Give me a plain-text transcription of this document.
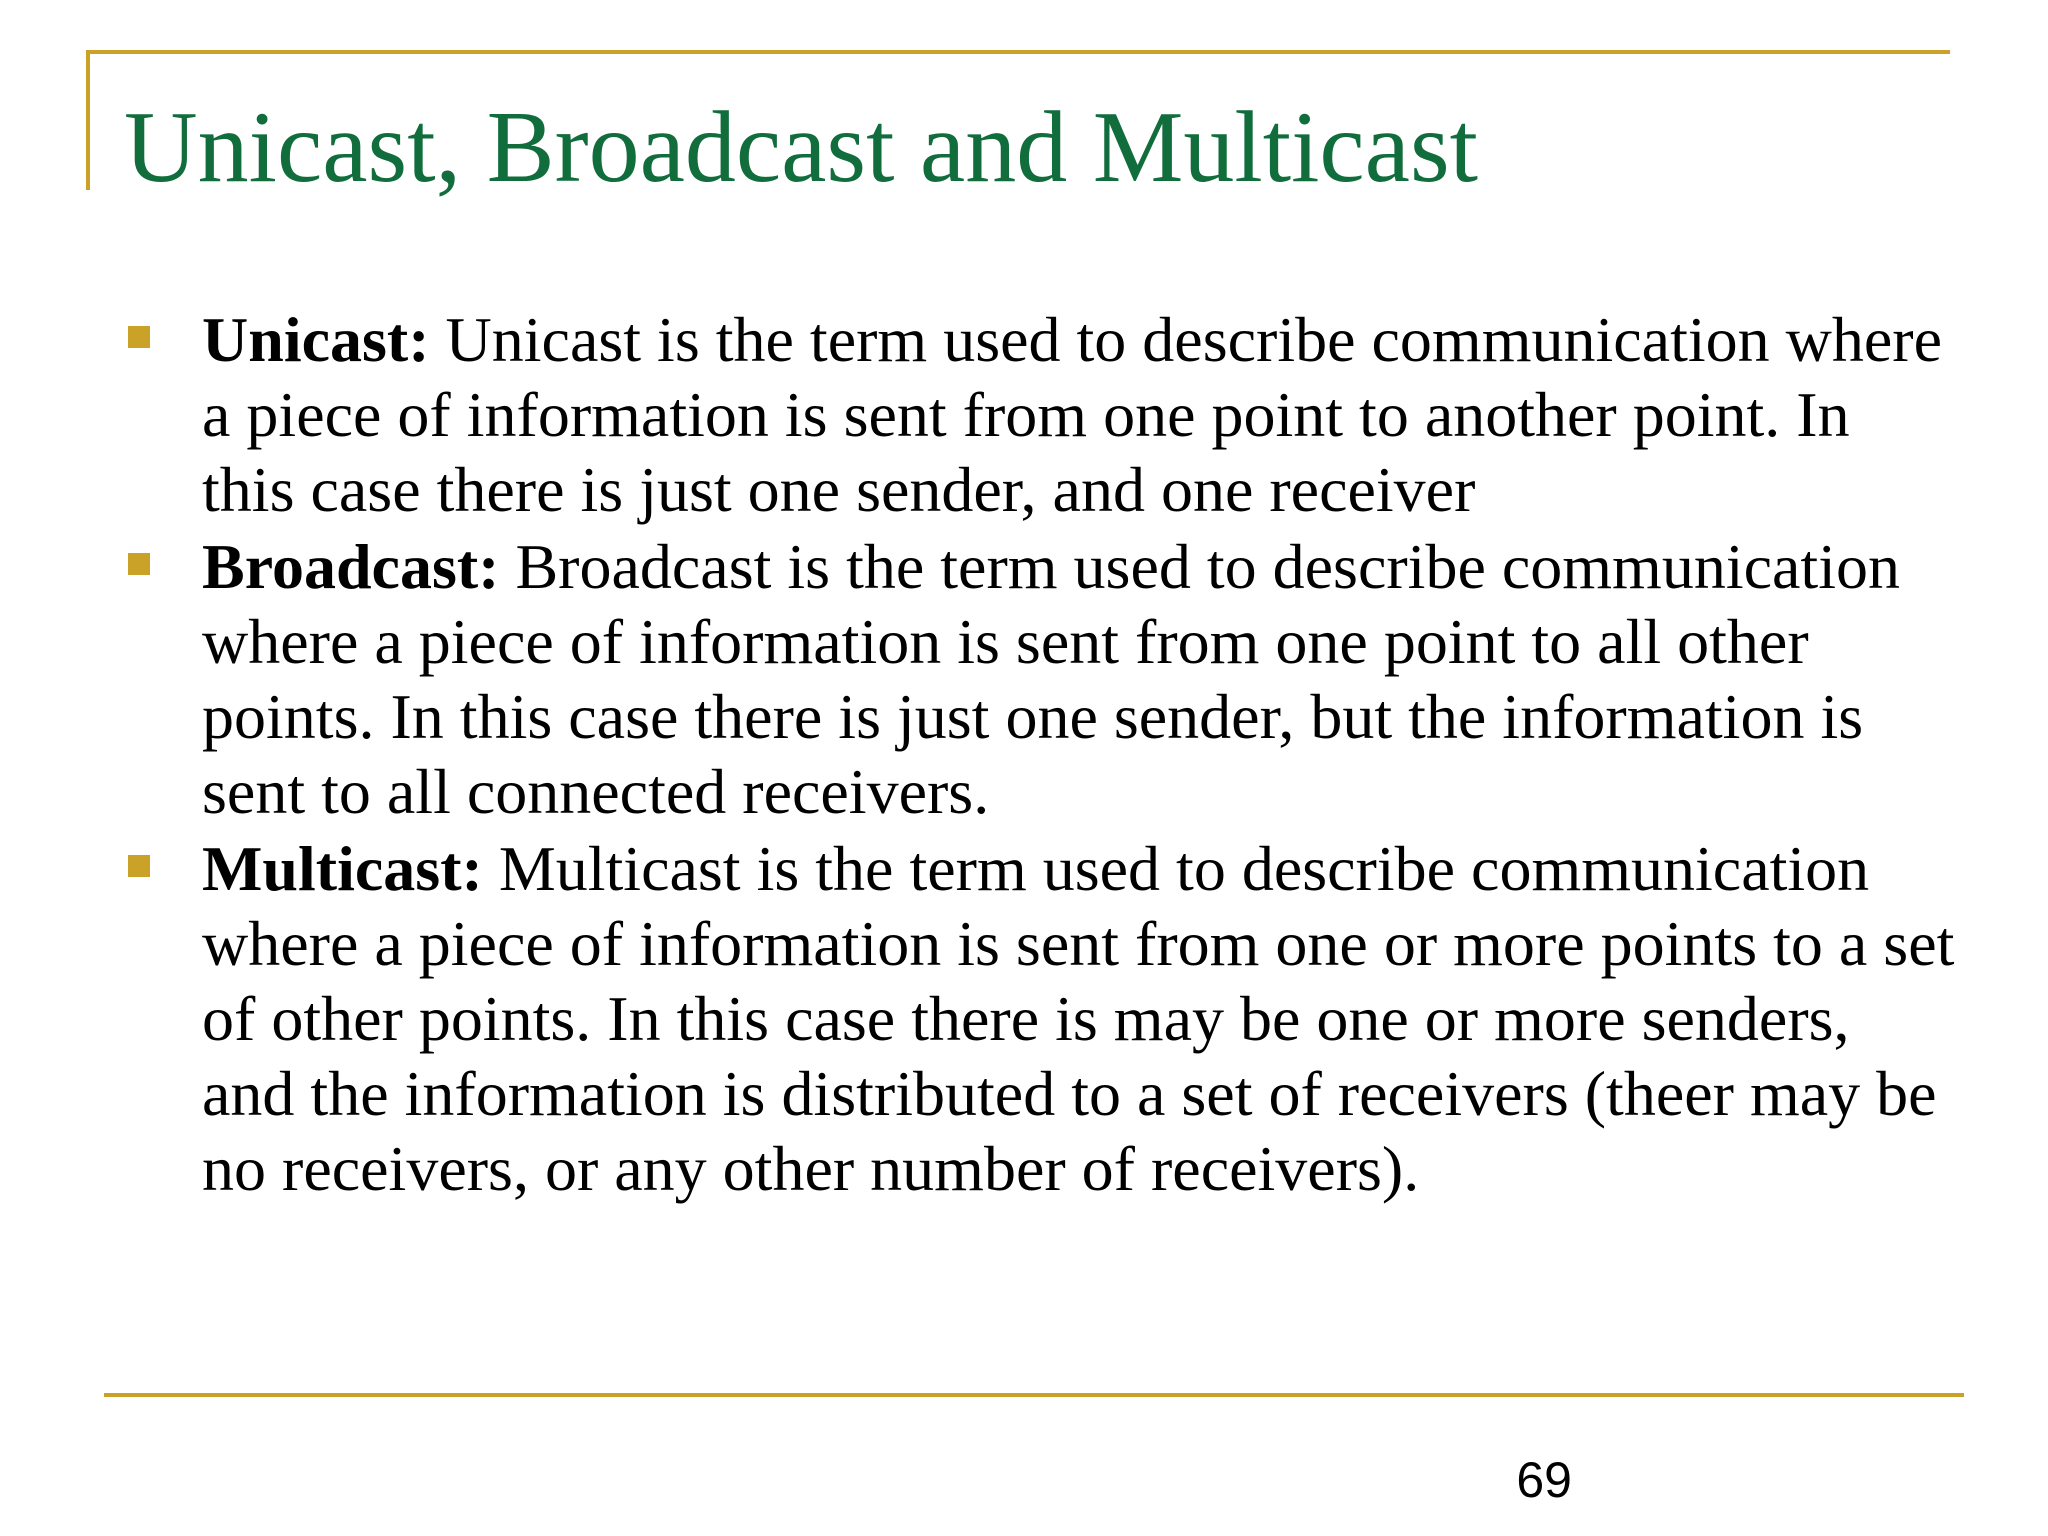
Unicast, Broadcast and Multicast
Unicast: Unicast is the term used to describe communication where a piece of information is sent from one point to another point. In this case there is just one sender, and one receiver
Broadcast: Broadcast is the term used to describe communication where a piece of information is sent from one point to all other points. In this case there is just one sender, but the information is sent to all connected receivers.
Multicast: Multicast is the term used to describe communication where a piece of information is sent from one or more points to a set of other points. In this case there is may be one or more senders, and the information is distributed to a set of receivers (theer may be no receivers, or any other number of receivers).
69
